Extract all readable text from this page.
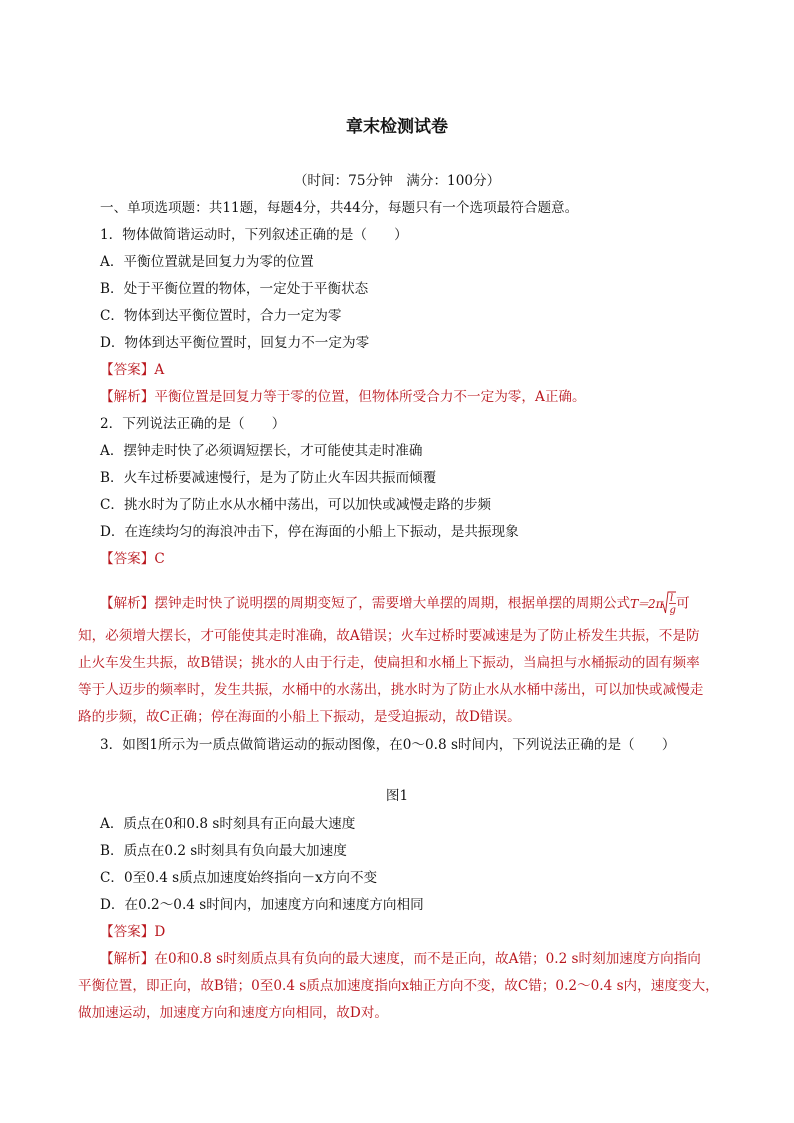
章末检测试卷
（时间：75分钟　满分：100分）
一、单项选项题：共11题，每题4分，共44分，每题只有一个选项最符合题意。
1．物体做简谐运动时，下列叙述正确的是（　　）
A．平衡位置就是回复力为零的位置
B．处于平衡位置的物体，一定处于平衡状态
C．物体到达平衡位置时，合力一定为零
D．物体到达平衡位置时，回复力不一定为零
【答案】A
【解析】平衡位置是回复力等于零的位置，但物体所受合力不一定为零，A正确。
2．下列说法正确的是（　　）
A．摆钟走时快了必须调短摆长，才可能使其走时准确
B．火车过桥要减速慢行，是为了防止火车因共振而倾覆
C．挑水时为了防止水从水桶中荡出，可以加快或减慢走路的步频
D．在连续均匀的海浪冲击下，停在海面的小船上下振动，是共振现象
【答案】C
【解析】摆钟走时快了说明摆的周期变短了，需要增大单摆的周期，根据单摆的周期公式 T
＝
2π l
g 可
知，必须增大摆长，才可能使其走时准确，故A错误；火车过桥时要减速是为了防止桥发生共振，不是防
止火车发生共振，故B错误；挑水的人由于行走，使扁担和水桶上下振动，当扁担与水桶振动的固有频率
等于人迈步的频率时，发生共振，水桶中的水荡出，挑水时为了防止水从水桶中荡出，可以加快或减慢走
路的步频，故C正确；停在海面的小船上下振动，是受迫振动，故D错误。
3．如图1所示为一质点做简谐运动的振动图像，在0～0.8 s时间内，下列说法正确的是（　　）
图1
A．质点在0和0.8 s时刻具有正向最大速度
B．质点在0.2 s时刻具有负向最大加速度
C．0至0.4 s质点加速度始终指向－x方向不变
D．在0.2～0.4 s时间内，加速度方向和速度方向相同
【答案】D
【解析】在0和0.8 s时刻质点具有负向的最大速度，而不是正向，故A错；0.2 s时刻加速度方向指向
平衡位置，即正向，故B错；0至0.4 s质点加速度指向x轴正方向不变，故C错；0.2～0.4 s内，速度变大，
做加速运动，加速度方向和速度方向相同，故D对。
